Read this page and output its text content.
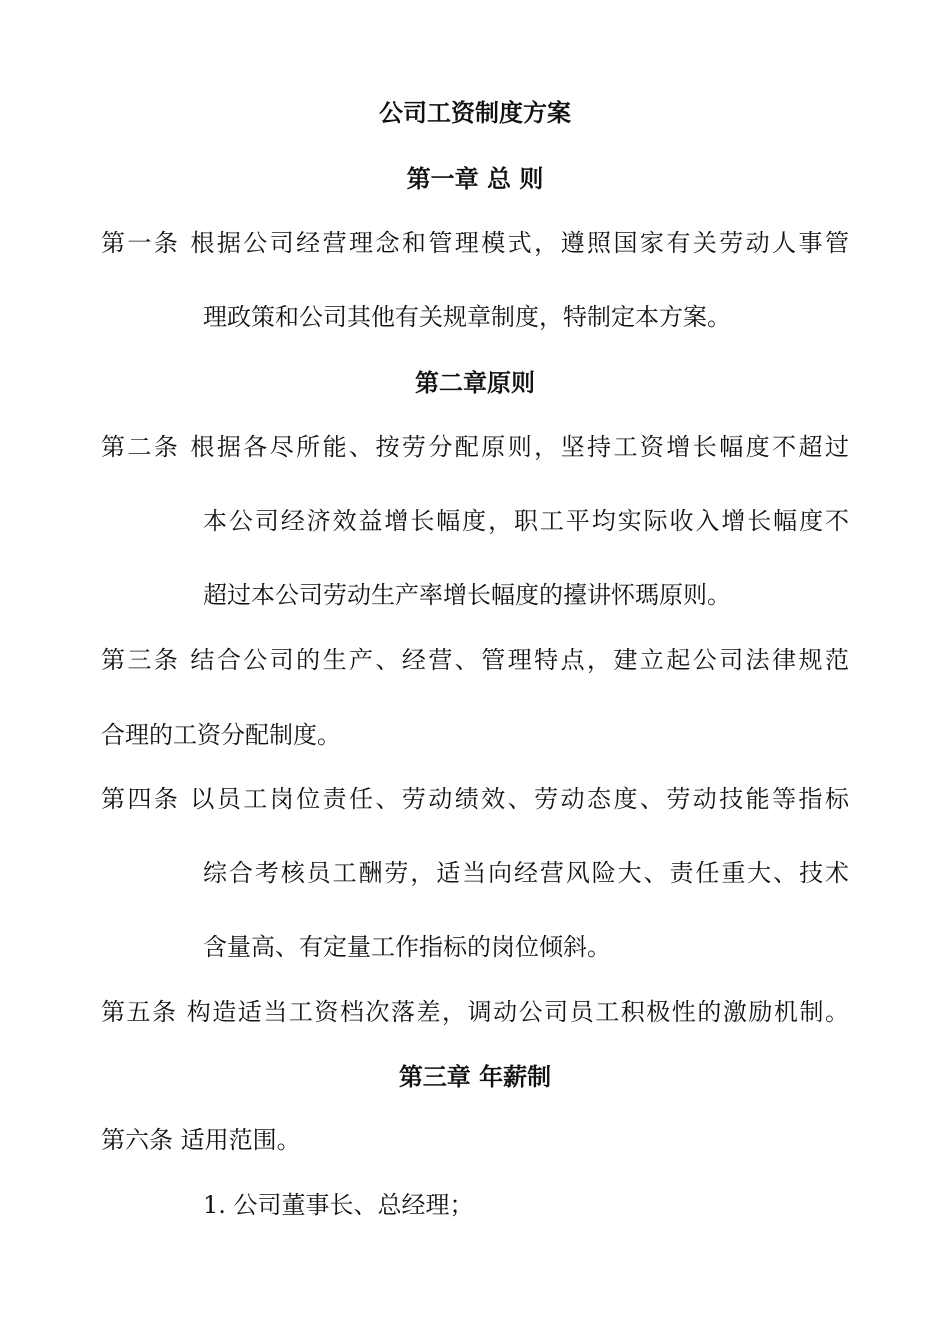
公司工资制度方案
第一章 总 则
第一条 根据公司经营理念和管理模式，遵照国家有关劳动人事管
理政策和公司其他有关规章制度，特制定本方案。
第二章原则
第二条 根据各尽所能、按劳分配原则，坚持工资增长幅度不超过
本公司经济效益增长幅度，职工平均实际收入增长幅度不
超过本公司劳动生产率增长幅度的擡讲怀瑪原则。
第三条 结合公司的生产、经营、管理特点，建立起公司法律规范
合理的工资分配制度。
第四条 以员工岗位责任、劳动绩效、劳动态度、劳动技能等指标
综合考核员工酬劳，适当向经营风险大、责任重大、技术
含量高、有定量工作指标的岗位倾斜。
第五条 构造适当工资档次落差，调动公司员工积极性的激励机制。
第三章 年薪制
第六条 适用范围。
1. 公司董事长、总经理；
